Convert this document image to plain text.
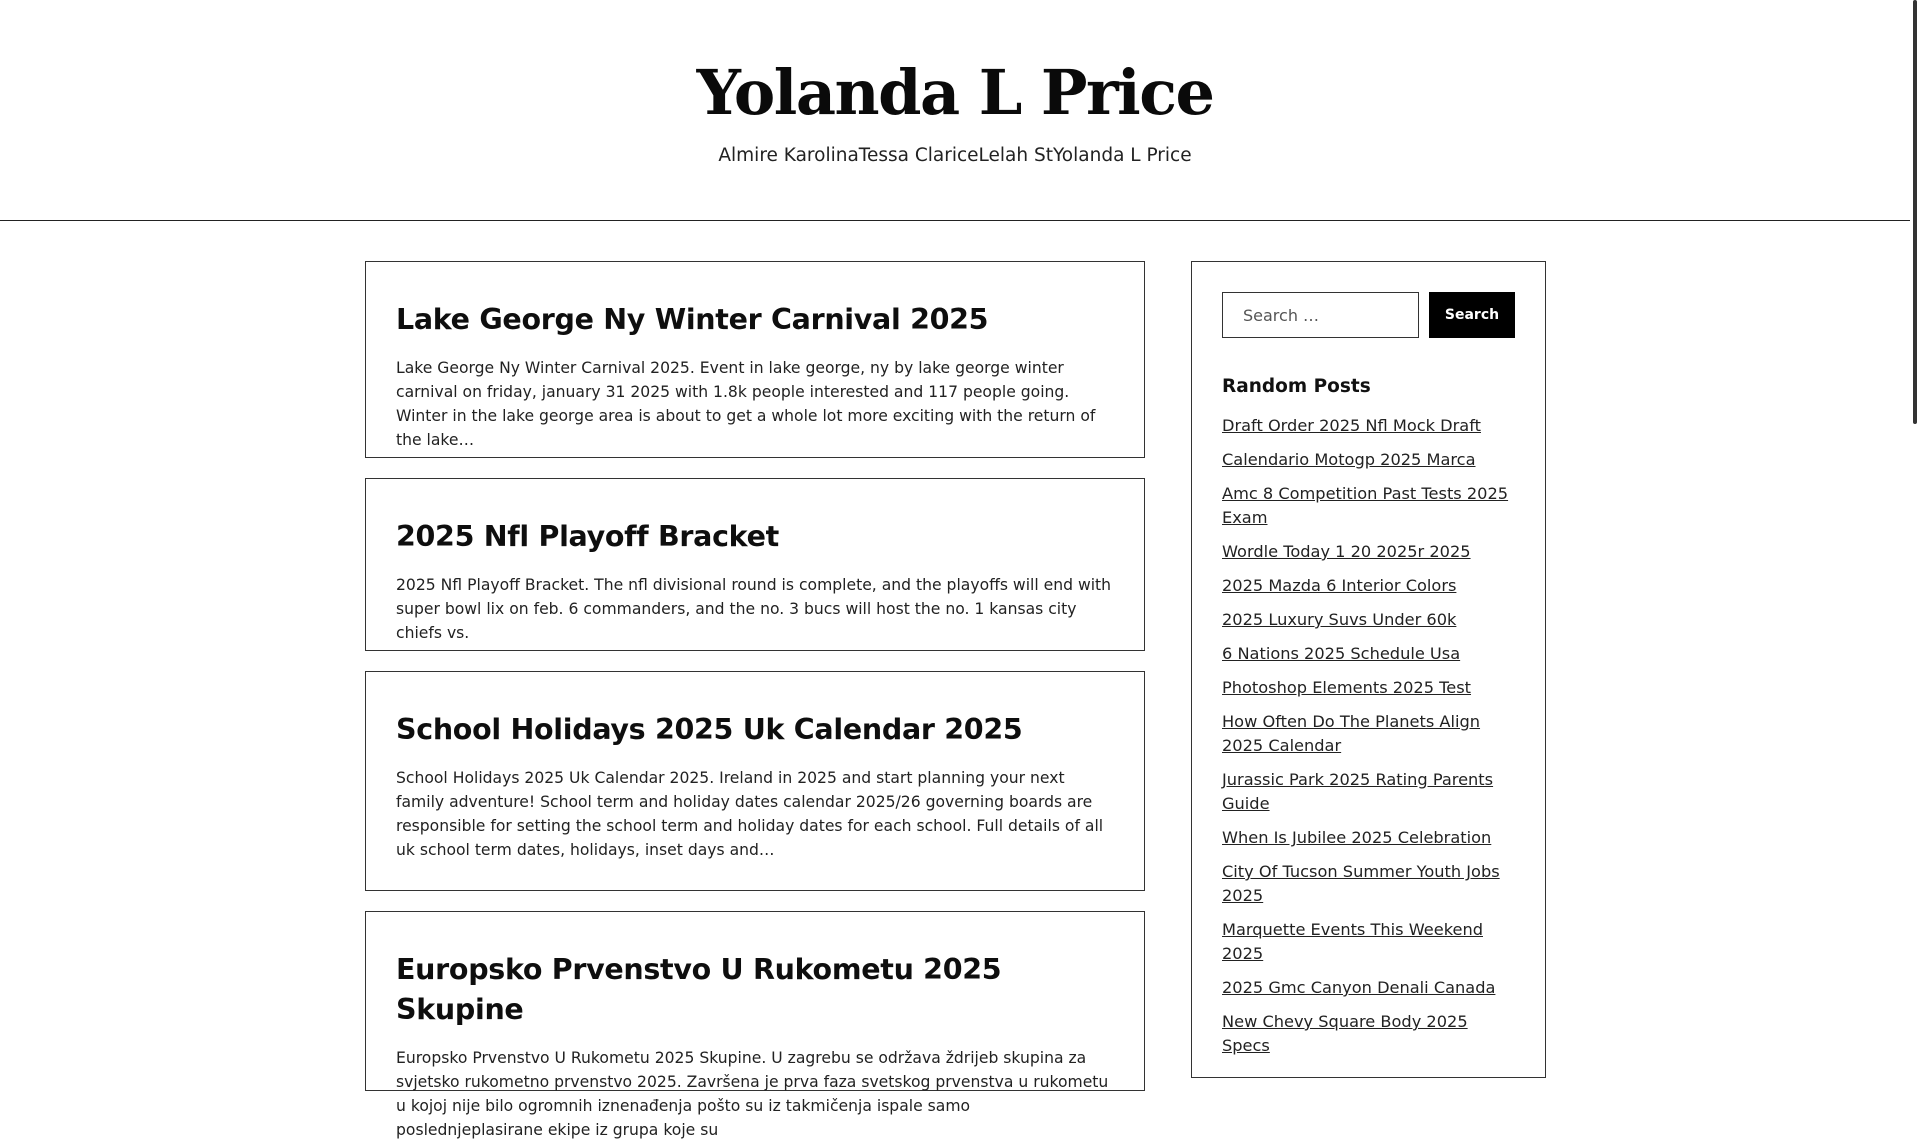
Yolanda L Price
Almire Karolina Tessa Clarice Lelah St Yolanda L Price
Lake George Ny Winter Carnival 2025

Lake George Ny Winter Carnival 2025. Event in lake george, ny by lake george winter carnival on friday, january 31 2025 with 1.8k people interested and 117 people going. Winter in the lake george area is about to get a whole lot more exciting with the return of the lake…

2025 Nfl Playoff Bracket

2025 Nfl Playoff Bracket. The nfl divisional round is complete, and the playoffs will end with super bowl lix on feb. 6 commanders, and the no. 3 bucs will host the no. 1 kansas city chiefs vs.

School Holidays 2025 Uk Calendar 2025

School Holidays 2025 Uk Calendar 2025. Ireland in 2025 and start planning your next family adventure! School term and holiday dates calendar 2025/26 governing boards are responsible for setting the school term and holiday dates for each school. Full details of all uk school term dates, holidays, inset days and…

Europsko Prvenstvo U Rukometu 2025 Skupine

Europsko Prvenstvo U Rukometu 2025 Skupine. U zagrebu se održava ždrijeb skupina za svjetsko rukometno prvenstvo 2025. Završena je prva faza svetskog prvenstva u rukometu u kojoj nije bilo ogromnih iznenađenja pošto su iz takmičenja ispale samo poslednjeplasirane ekipe iz grupa koje su

Search …
Search
Random Posts
Draft Order 2025 Nfl Mock Draft
Calendario Motogp 2025 Marca
Amc 8 Competition Past Tests 2025 Exam
Wordle Today 1 20 2025r 2025
2025 Mazda 6 Interior Colors
2025 Luxury Suvs Under 60k
6 Nations 2025 Schedule Usa
Photoshop Elements 2025 Test
How Often Do The Planets Align 2025 Calendar
Jurassic Park 2025 Rating Parents Guide
When Is Jubilee 2025 Celebration
City Of Tucson Summer Youth Jobs 2025
Marquette Events This Weekend 2025
2025 Gmc Canyon Denali Canada
New Chevy Square Body 2025 Specs
